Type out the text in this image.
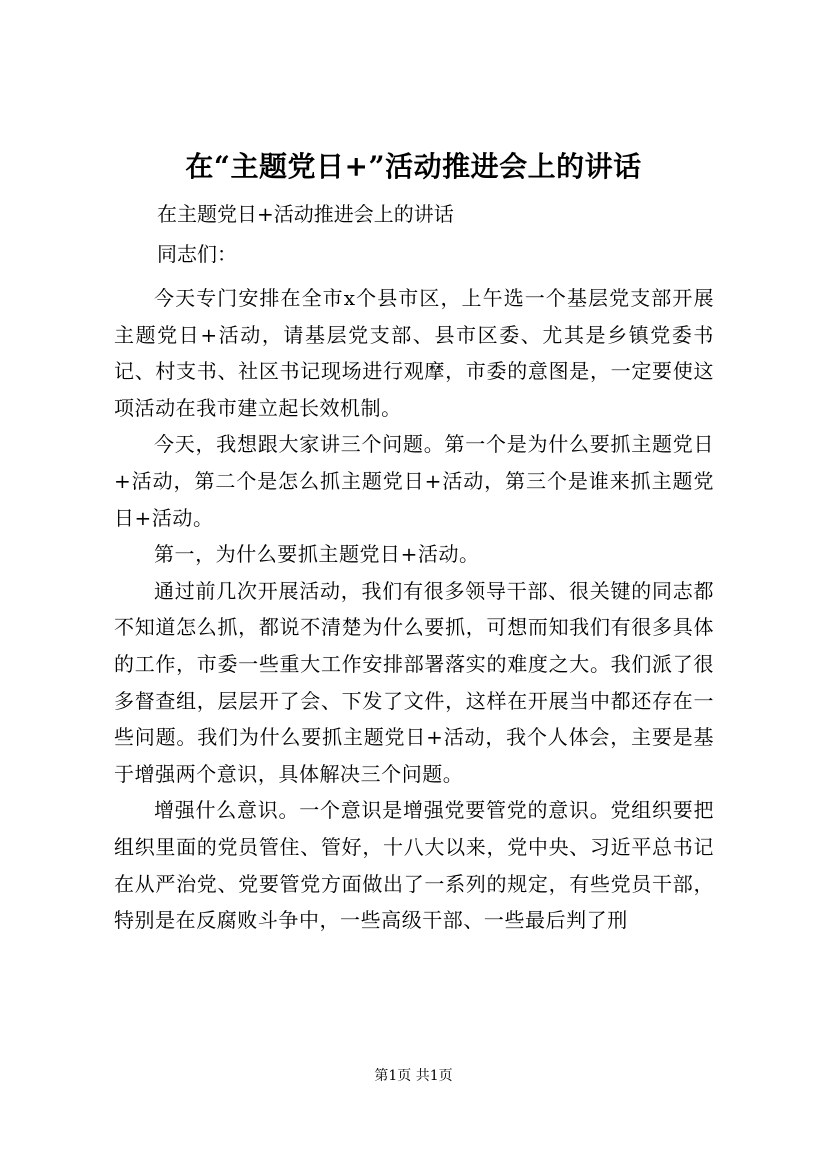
在“主题党日+”活动推进会上的讲话

在主题党日+活动推进会上的讲话

同志们：

今天专门安排在全市x个县市区，上午选一个基层党支部开展主题党日+活动，请基层党支部、县市区委、尤其是乡镇党委书记、村支书、社区书记现场进行观摩，市委的意图是，一定要使这项活动在我市建立起长效机制。

今天，我想跟大家讲三个问题。第一个是为什么要抓主题党日+活动，第二个是怎么抓主题党日+活动，第三个是谁来抓主题党日+活动。

第一，为什么要抓主题党日+活动。

通过前几次开展活动，我们有很多领导干部、很关键的同志都不知道怎么抓，都说不清楚为什么要抓，可想而知我们有很多具体的工作，市委一些重大工作安排部署落实的难度之大。我们派了很多督查组，层层开了会、下发了文件，这样在开展当中都还存在一些问题。我们为什么要抓主题党日+活动，我个人体会，主要是基于增强两个意识，具体解决三个问题。

增强什么意识。一个意识是增强党要管党的意识。党组织要把组织里面的党员管住、管好，十八大以来，党中央、习近平总书记在从严治党、党要管党方面做出了一系列的规定，有些党员干部，特别是在反腐败斗争中，一些高级干部、一些最后判了刑

第1页 共1页
